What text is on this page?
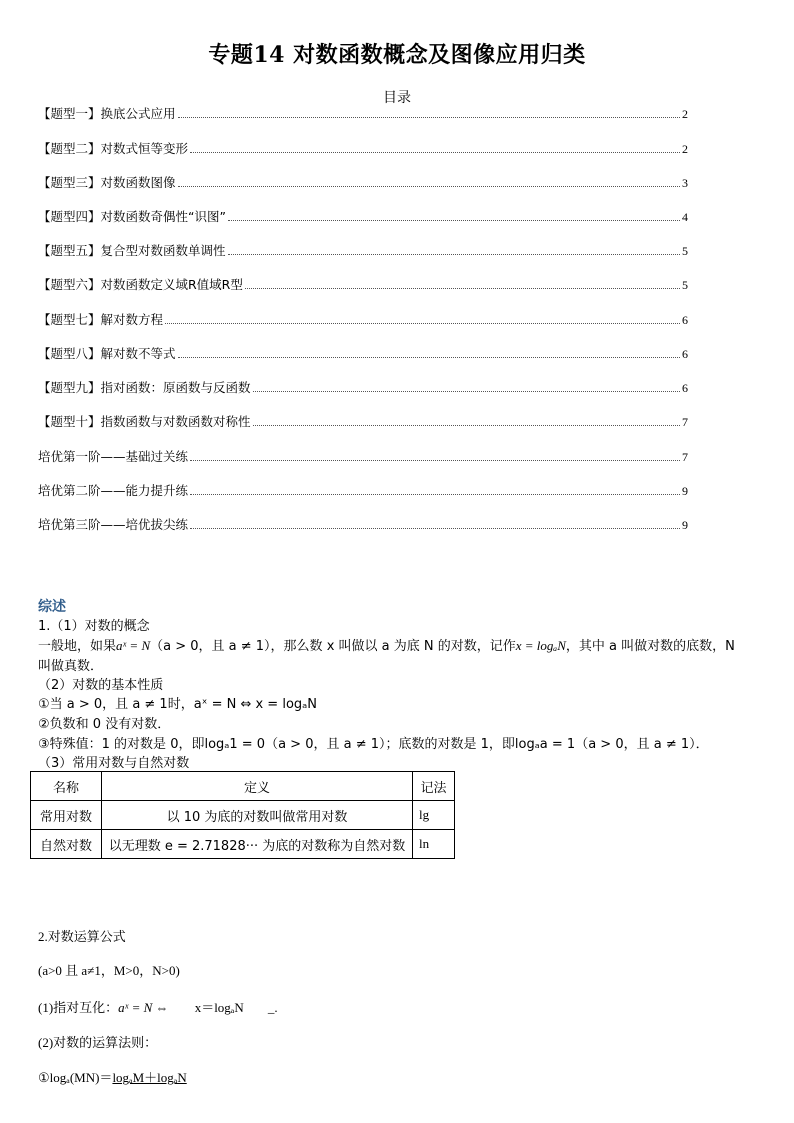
专题14 对数函数概念及图像应用归类
目录
【题型一】换底公式应用	2
【题型二】对数式恒等变形	2
【题型三】对数函数图像	3
【题型四】对数函数奇偶性“识图”	4
【题型五】复合型对数函数单调性	5
【题型六】对数函数定义域R值域R型	5
【题型七】解对数方程	6
【题型八】解对数不等式	6
【题型九】指对函数：原函数与反函数	6
【题型十】指数函数与对数函数对称性	7
培优第一阶——基础过关练	7
培优第二阶——能力提升练	9
培优第三阶——培优拔尖练	9
综述
1.（1）对数的概念
一般地，如果aˣ = N（a > 0，且 a ≠ 1），那么数 x 叫做以 a 为底 N 的对数，记作x = logₐN，其中 a 叫做对数的底数，N
叫做真数．
（2）对数的基本性质
①当 a > 0，且 a ≠ 1时，aˣ = N ⇔ x = logₐN
②负数和 0 没有对数．
③特殊值：1 的对数是 0，即logₐ1 = 0（a > 0，且 a ≠ 1）；底数的对数是 1，即logₐa = 1（a > 0，且 a ≠ 1）．
（3）常用对数与自然对数
名称	定义	记法
常用对数	以 10 为底的对数叫做常用对数	lg
自然对数	以无理数 e = 2.71828··· 为底的对数称为自然对数	ln
2.对数运算公式
(a>0 且 a≠1，M>0，N>0)
(1)指对互化：aˣ = N ⇔ x＝logₐN _.
(2)对数的运算法则：
①logₐ(MN)＝logₐM＋logₐN
